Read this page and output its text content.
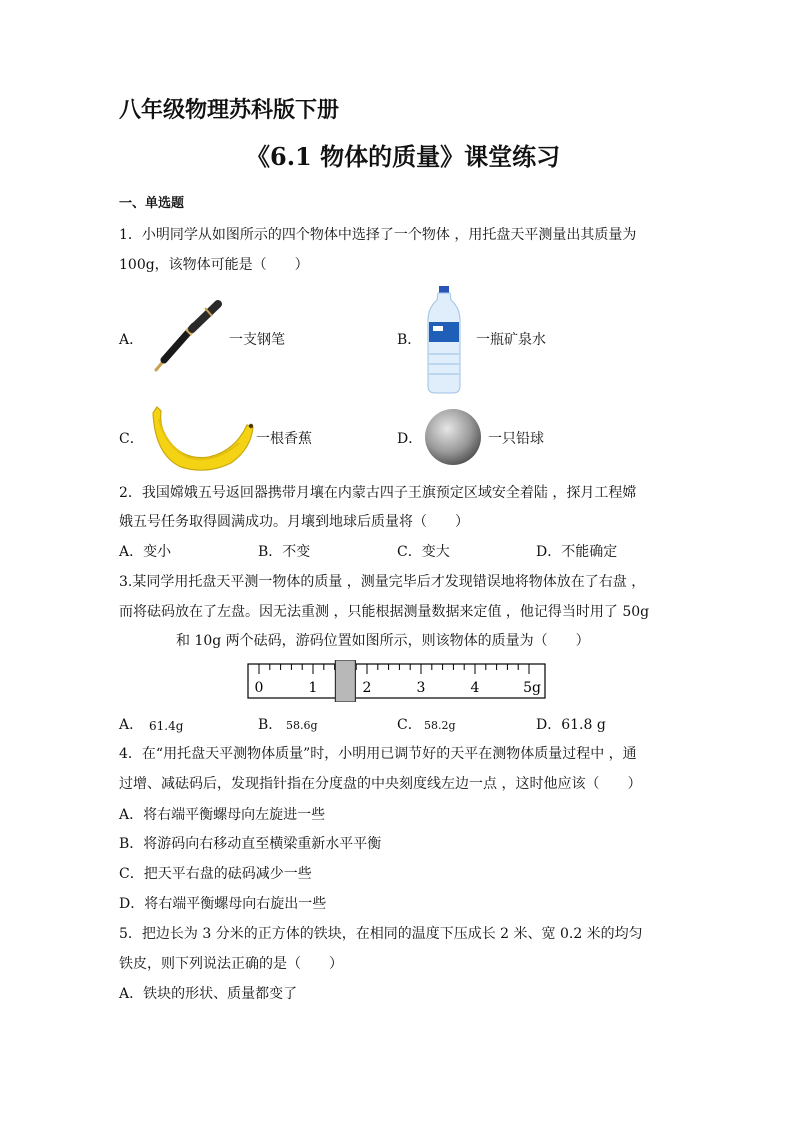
八年级物理苏科版下册
《6.1 物体的质量》课堂练习
一、单选题
1．小明同学从如图所示的四个物体中选择了一个物体 ，用托盘天平测量出其质量为
100g，该物体可能是（　　）
A．	一支钢笔	B．	一瓶矿泉水
C．	一根香蕉	D．	一只铅球
2．我国嫦娥五号返回器携带月壤在内蒙古四子王旗预定区域安全着陆 ，探月工程嫦
娥五号任务取得圆满成功。月壤到地球后质量将（　　）
A．变小	B．不变	C．变大	D．不能确定
3.某同学用托盘天平测一物体的质量 ，测量完毕后才发现错误地将物体放在了右盘 ，
而将砝码放在了左盘。因无法重测 ，只能根据测量数据来定值 ，他记得当时用了 50g
和 10g 两个砝码，游码位置如图所示，则该物体的质量为（　　）
0	1	2	3	4	5g
A． 61.4g	B． 58.6g	C． 58.2g	D．61.8 g
4．在“用托盘天平测物体质量”时，小明用已调节好的天平在测物体质量过程中 ，通
过增、减砝码后，发现指针指在分度盘的中央刻度线左边一点 ，这时他应该（　　）
A．将右端平衡螺母向左旋进一些
B．将游码向右移动直至横梁重新水平平衡
C．把天平右盘的砝码减少一些
D．将右端平衡螺母向右旋出一些
5．把边长为 3 分米的正方体的铁块，在相同的温度下压成长 2 米、宽 0.2 米的均匀
铁皮，则下列说法正确的是（　　）
A．铁块的形状、质量都变了
